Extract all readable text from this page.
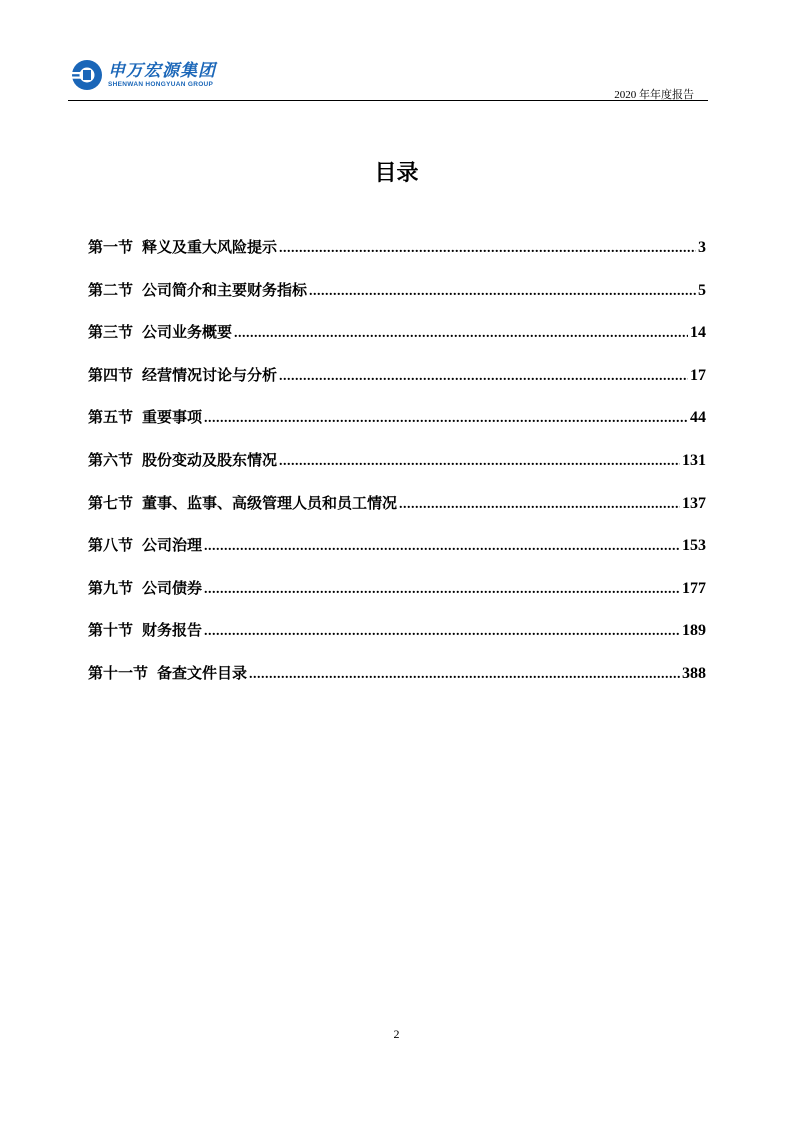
申万宏源集团
SHENWAN HONGYUAN GROUP
2020 年年度报告
目录
第一节 释义及重大风险提示 .....	3
第二节 公司简介和主要财务指标 .....	5
第三节 公司业务概要 .....	14
第四节 经营情况讨论与分析 .....	17
第五节 重要事项 .....	44
第六节 股份变动及股东情况 .....	131
第七节 董事、监事、高级管理人员和员工情况 .....	137
第八节 公司治理 .....	153
第九节 公司债券 .....	177
第十节 财务报告 .....	189
第十一节 备查文件目录 .....	388
2
